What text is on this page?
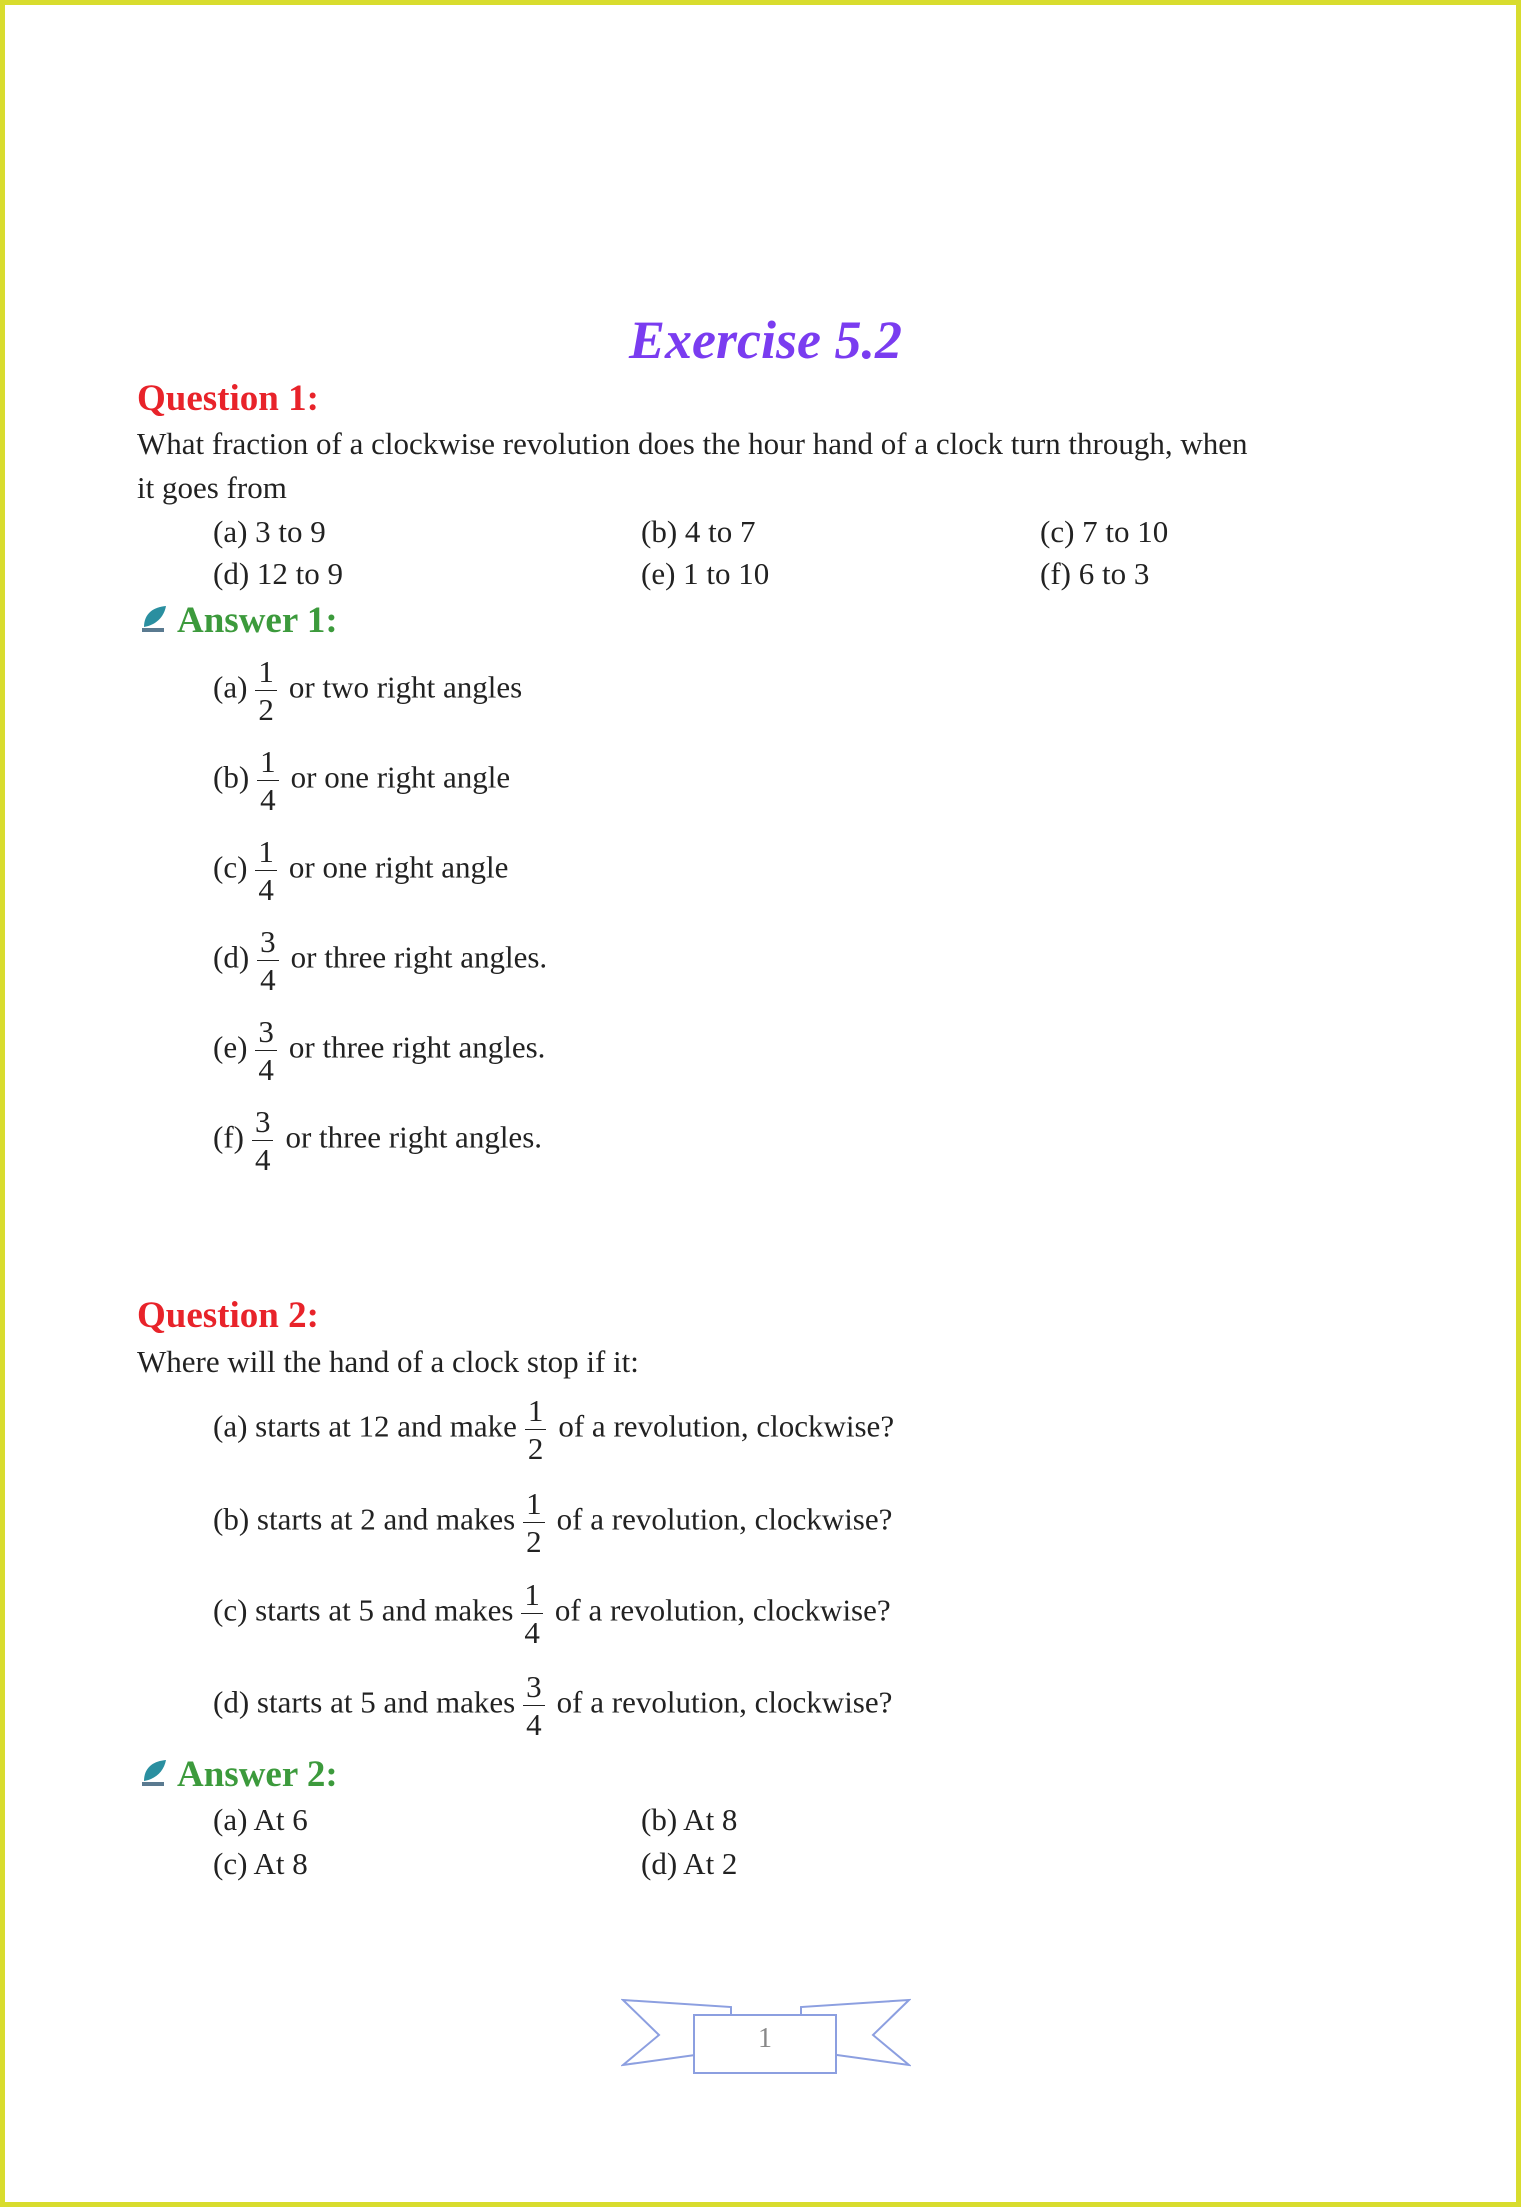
Exercise 5.2
Question 1:
What fraction of a clockwise revolution does the hour hand of a clock turn through, when
it goes from
(a) 3 to 9	(b) 4 to 7	(c) 7 to 10
(d) 12 to 9	(e) 1 to 10	(f) 6 to 3
Answer 1:
$(a) \frac{1}{2}$ or two right angles
$(b) \frac{1}{4}$ or one right angle
$(c) \frac{1}{4}$ or one right angle
$(d) \frac{3}{4}$ or three right angles.
$(e) \frac{3}{4}$ or three right angles.
$(f) \frac{3}{4}$ or three right angles.
Question 2:
Where will the hand of a clock stop if it:
(a) starts at 12 and make $\frac{1}{2}$ of a revolution, clockwise?
(b) starts at 2 and makes $\frac{1}{2}$ of a revolution, clockwise?
(c) starts at 5 and makes $\frac{1}{4}$ of a revolution, clockwise?
(d) starts at 5 and makes $\frac{3}{4}$ of a revolution, clockwise?
Answer 2:
(a) At 6	(b) At 8
(c) At 8	(d) At 2
1
